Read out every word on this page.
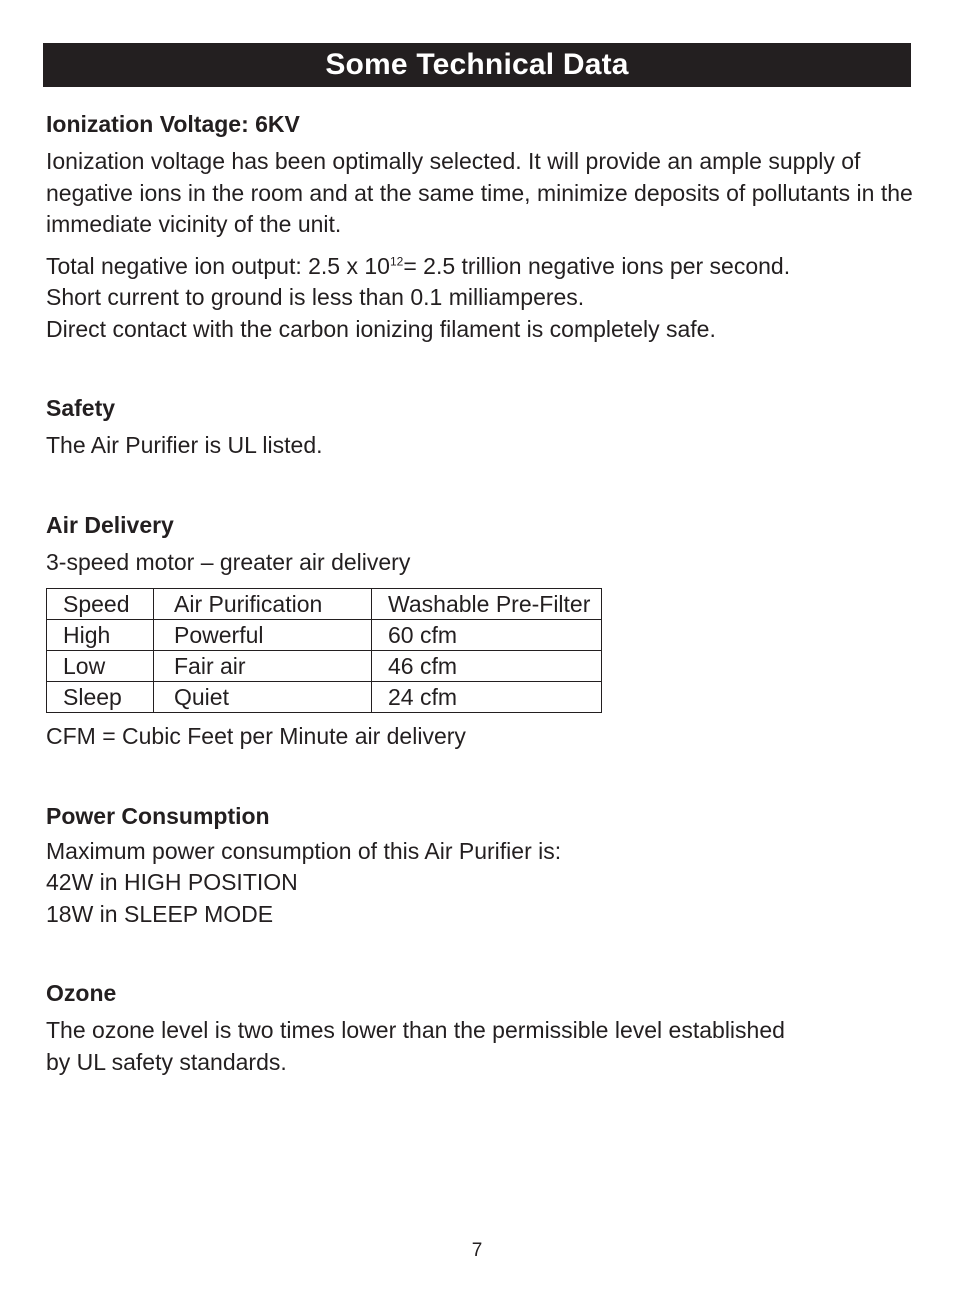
Some Technical Data

Ionization Voltage: 6KV

Ionization voltage has been optimally selected. It will provide an ample supply of negative ions in the room and at the same time, minimize deposits of pollutants in the immediate vicinity of the unit.

Total negative ion output: 2.5 x $10^{12}= 2.5$ trillion negative ions per second.

Short current to ground is less than 0.1 milliamperes.

Direct contact with the carbon ionizing filament is completely safe.

Safety

The Air Purifier is UL listed.

Air Delivery

3-speed motor – greater air delivery

Speed	Air Purification	Washable Pre-Filter
High	Powerful	60 cfm
Low	Fair air	46 cfm
Sleep	Quiet	24 cfm

CFM = Cubic Feet per Minute air delivery

Power Consumption

Maximum power consumption of this Air Purifier is:

42W in HIGH POSITION

18W in SLEEP MODE

Ozone

The ozone level is two times lower than the permissible level established

by UL safety standards.

7
